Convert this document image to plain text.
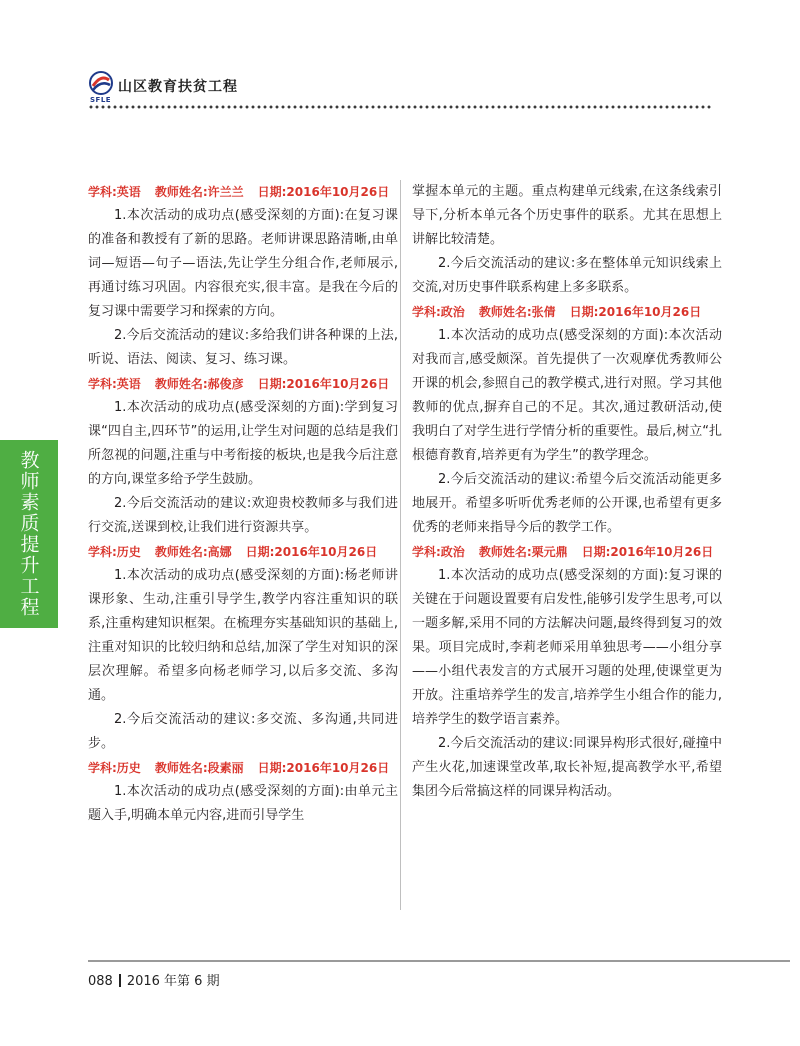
SFLE
山区教育扶贫工程
教师素质提升工程
学科:英语 教师姓名:许兰兰 日期:2016年10月26日

1.本次活动的成功点(感受深刻的方面):在复习课的准备和教授有了新的思路。老师讲课思路清晰,由单词—短语—句子—语法,先让学生分组合作,老师展示,再通讨练习巩固。内容很充实,很丰富。是我在今后的复习课中需要学习和探索的方向。

2.今后交流活动的建议:多给我们讲各种课的上法,听说、语法、阅读、复习、练习课。

学科:英语 教师姓名:郝俊彦 日期:2016年10月26日

1.本次活动的成功点(感受深刻的方面):学到复习课“四自主,四环节”的运用,让学生对问题的总结是我们所忽视的问题,注重与中考衔接的板块,也是我今后注意的方向,课堂多给予学生鼓励。

2.今后交流活动的建议:欢迎贵校教师多与我们进行交流,送课到校,让我们进行资源共享。

学科:历史 教师姓名:高娜 日期:2016年10月26日

1.本次活动的成功点(感受深刻的方面):杨老师讲课形象、生动,注重引导学生,教学内容注重知识的联系,注重构建知识框架。在梳理夯实基础知识的基础上,注重对知识的比较归纳和总结,加深了学生对知识的深层次理解。希望多向杨老师学习,以后多交流、多沟通。

2.今后交流活动的建议:多交流、多沟通,共同进步。

学科:历史 教师姓名:段素丽 日期:2016年10月26日

1.本次活动的成功点(感受深刻的方面):由单元主题入手,明确本单元内容,进而引导学生

掌握本单元的主题。重点构建单元线索,在这条线索引导下,分析本单元各个历史事件的联系。尤其在思想上讲解比较清楚。

2.今后交流活动的建议:多在整体单元知识线索上交流,对历史事件联系构建上多多联系。

学科:政治 教师姓名:张倩 日期:2016年10月26日

1.本次活动的成功点(感受深刻的方面):本次活动对我而言,感受颇深。首先提供了一次观摩优秀教师公开课的机会,参照自己的教学模式,进行对照。学习其他教师的优点,摒弃自己的不足。其次,通过教研活动,使我明白了对学生进行学情分析的重要性。最后,树立“扎根德育教育,培养更有为学生”的教学理念。

2.今后交流活动的建议:希望今后交流活动能更多地展开。希望多听听优秀老师的公开课,也希望有更多优秀的老师来指导今后的教学工作。

学科:政治 教师姓名:栗元鼎 日期:2016年10月26日

1.本次活动的成功点(感受深刻的方面):复习课的关键在于问题设置要有启发性,能够引发学生思考,可以一题多解,采用不同的方法解决问题,最终得到复习的效果。项目完成时,李莉老师采用单独思考——小组分享——小组代表发言的方式展开习题的处理,使课堂更为开放。注重培养学生的发言,培养学生小组合作的能力,培养学生的数学语言素养。

2.今后交流活动的建议:同课异构形式很好,碰撞中产生火花,加速课堂改革,取长补短,提高教学水平,希望集团今后常搞这样的同课异构活动。

088 2016 年第 6 期
